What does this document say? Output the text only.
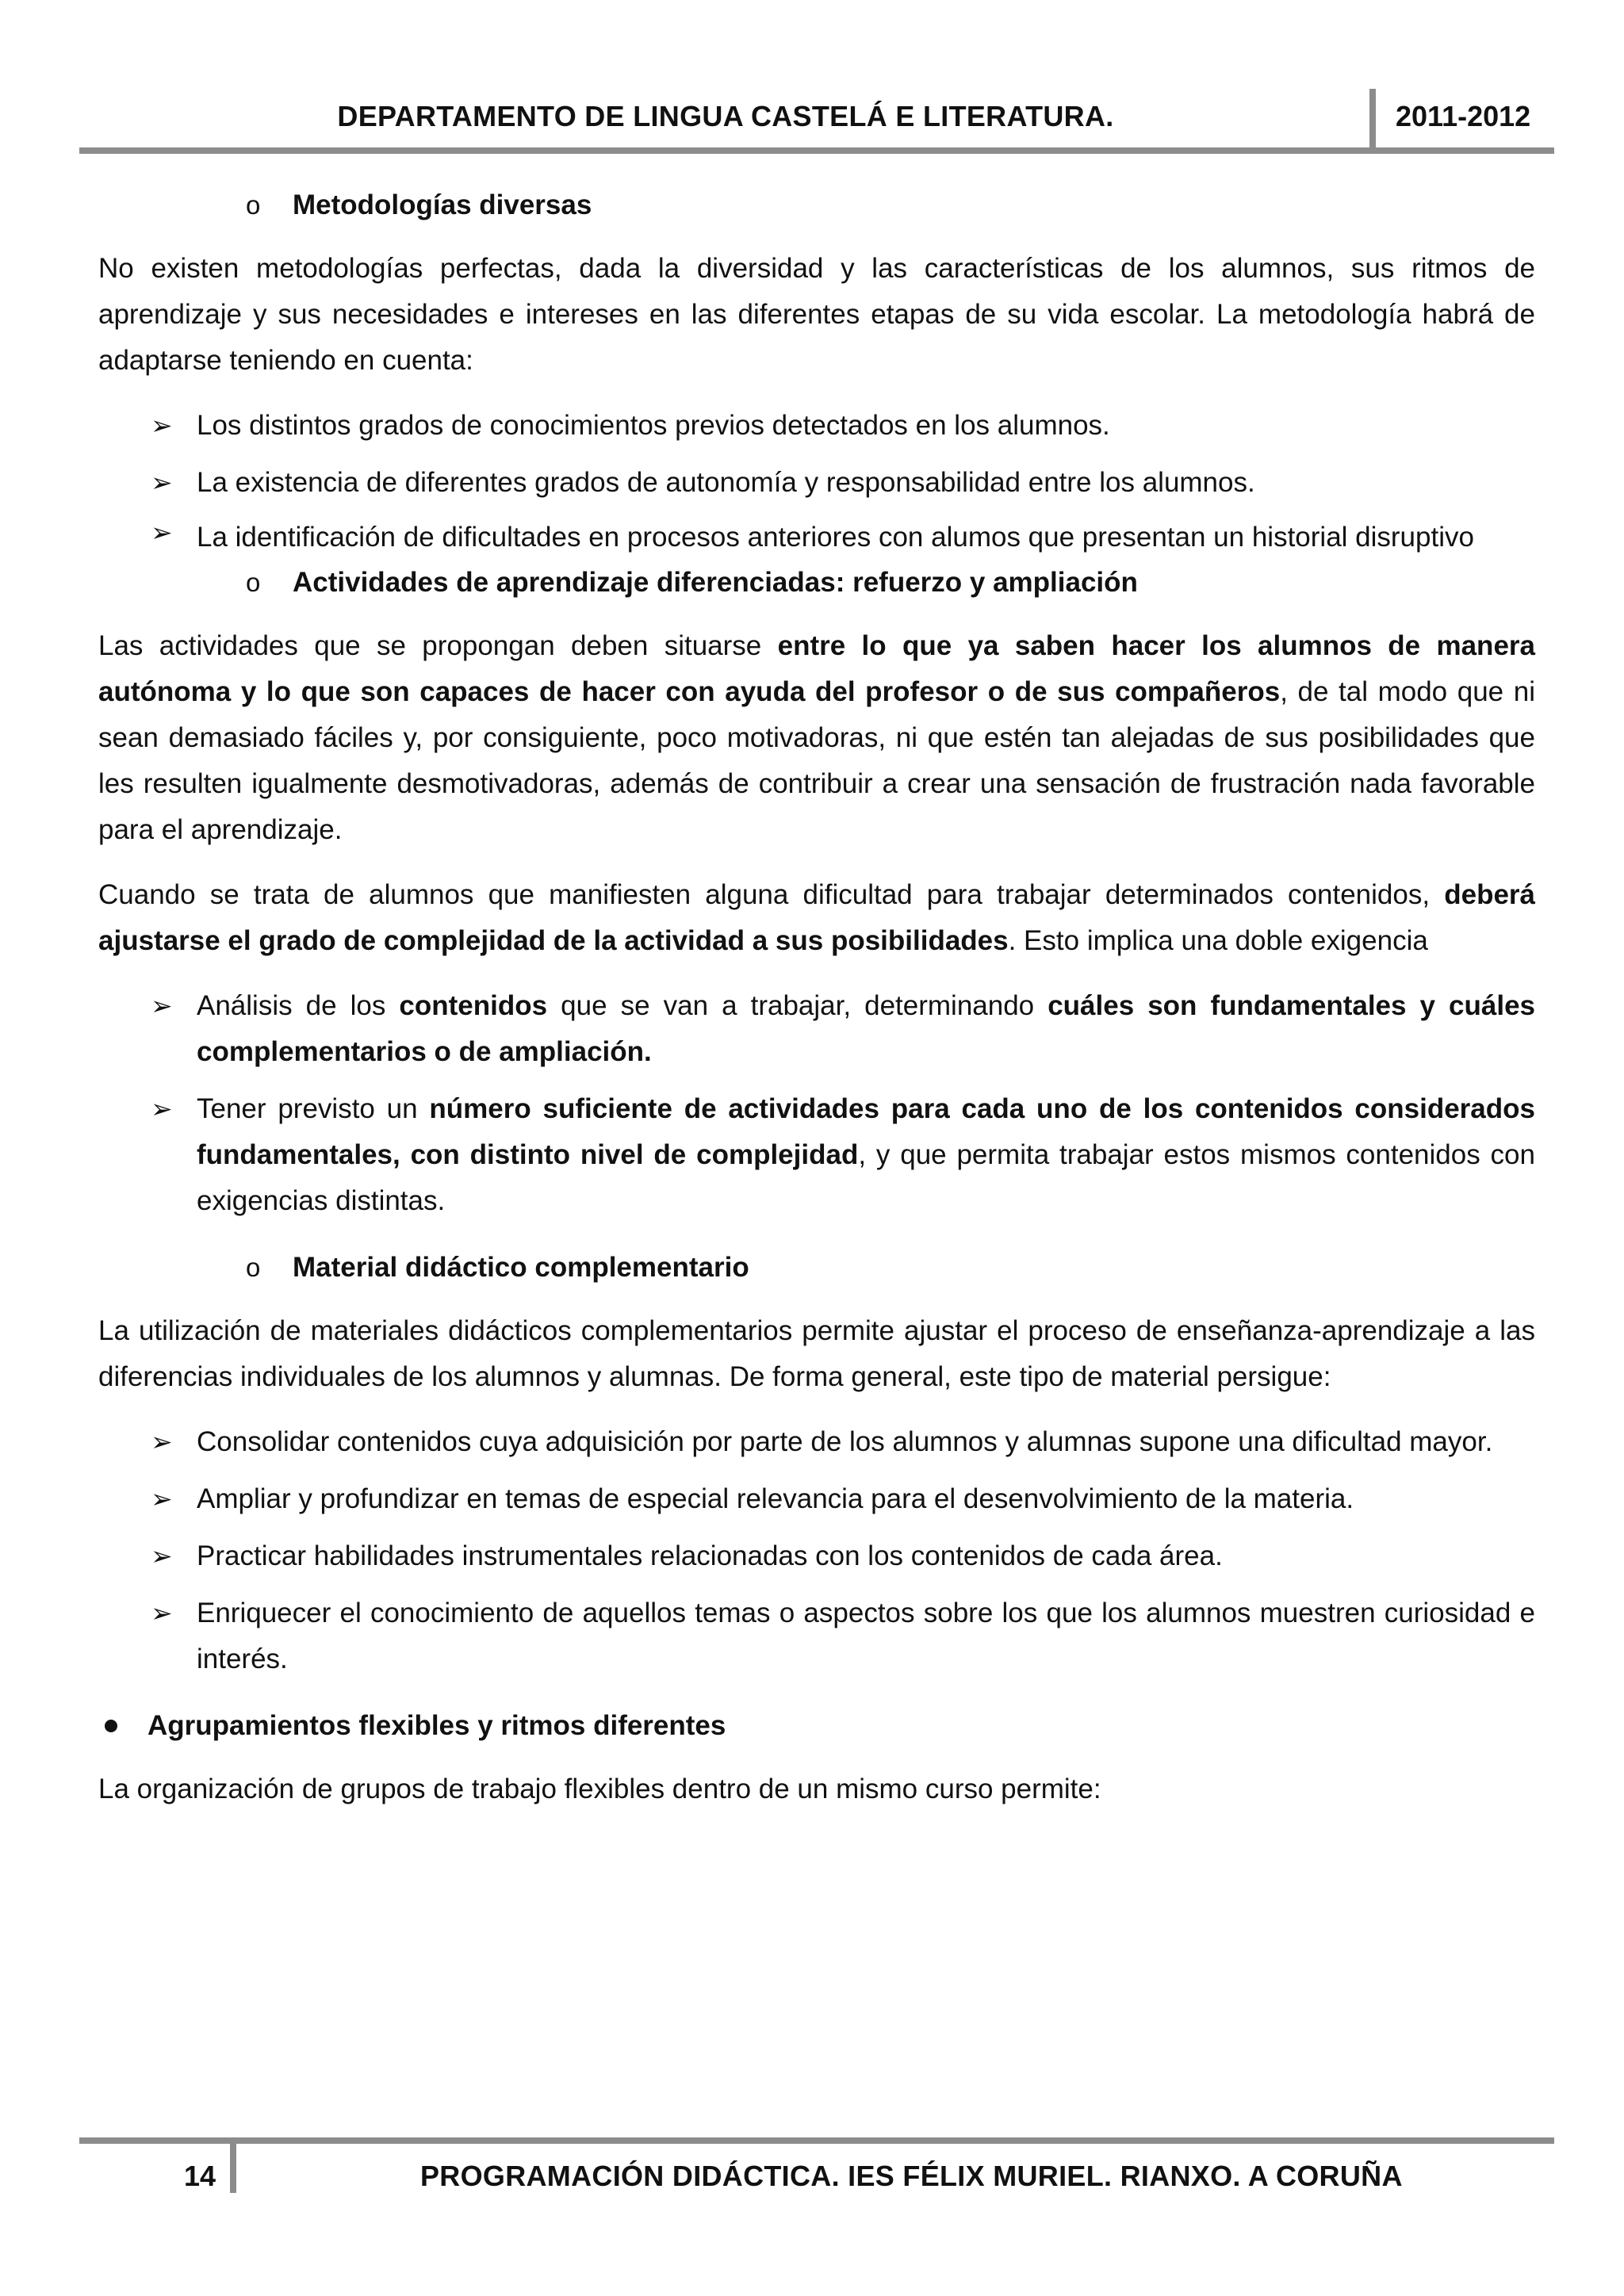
DEPARTAMENTO DE LINGUA CASTELÁ E LITERATURA.	2011-2012
o Metodologías diversas

No existen metodologías perfectas, dada la diversidad y las características de los alumnos, sus ritmos de aprendizaje y sus necesidades e intereses en las diferentes etapas de su vida escolar. La metodología habrá de adaptarse teniendo en cuenta:

➢ Los distintos grados de conocimientos previos detectados en los alumnos.
➢ La existencia de diferentes grados de autonomía y responsabilidad entre los alumnos.
➢ La identificación de dificultades en procesos anteriores con alumos que presentan un historial disruptivo
o Actividades de aprendizaje diferenciadas: refuerzo y ampliación

Las actividades que se propongan deben situarse entre lo que ya saben hacer los alumnos de manera autónoma y lo que son capaces de hacer con ayuda del profesor o de sus compañeros, de tal modo que ni sean demasiado fáciles y, por consiguiente, poco motivadoras, ni que estén tan alejadas de sus posibilidades que les resulten igualmente desmotivadoras, además de contribuir a crear una sensación de frustración nada favorable para el aprendizaje.

Cuando se trata de alumnos que manifiesten alguna dificultad para trabajar determinados contenidos, deberá ajustarse el grado de complejidad de la actividad a sus posibilidades. Esto implica una doble exigencia

➢ Análisis de los contenidos que se van a trabajar, determinando cuáles son fundamentales y cuáles complementarios o de ampliación.
➢ Tener previsto un número suficiente de actividades para cada uno de los contenidos considerados fundamentales, con distinto nivel de complejidad, y que permita trabajar estos mismos contenidos con exigencias distintas.
o Material didáctico complementario

La utilización de materiales didácticos complementarios permite ajustar el proceso de enseñanza-aprendizaje a las diferencias individuales de los alumnos y alumnas. De forma general, este tipo de material persigue:

➢ Consolidar contenidos cuya adquisición por parte de los alumnos y alumnas supone una dificultad mayor.
➢ Ampliar y profundizar en temas de especial relevancia para el desenvolvimiento de la materia.
➢ Practicar habilidades instrumentales relacionadas con los contenidos de cada área.
➢ Enriquecer el conocimiento de aquellos temas o aspectos sobre los que los alumnos muestren curiosidad e interés.
Agrupamientos flexibles y ritmos diferentes

La organización de grupos de trabajo flexibles dentro de un mismo curso permite:

14	PROGRAMACIÓN DIDÁCTICA. IES FÉLIX MURIEL. RIANXO. A CORUÑA
